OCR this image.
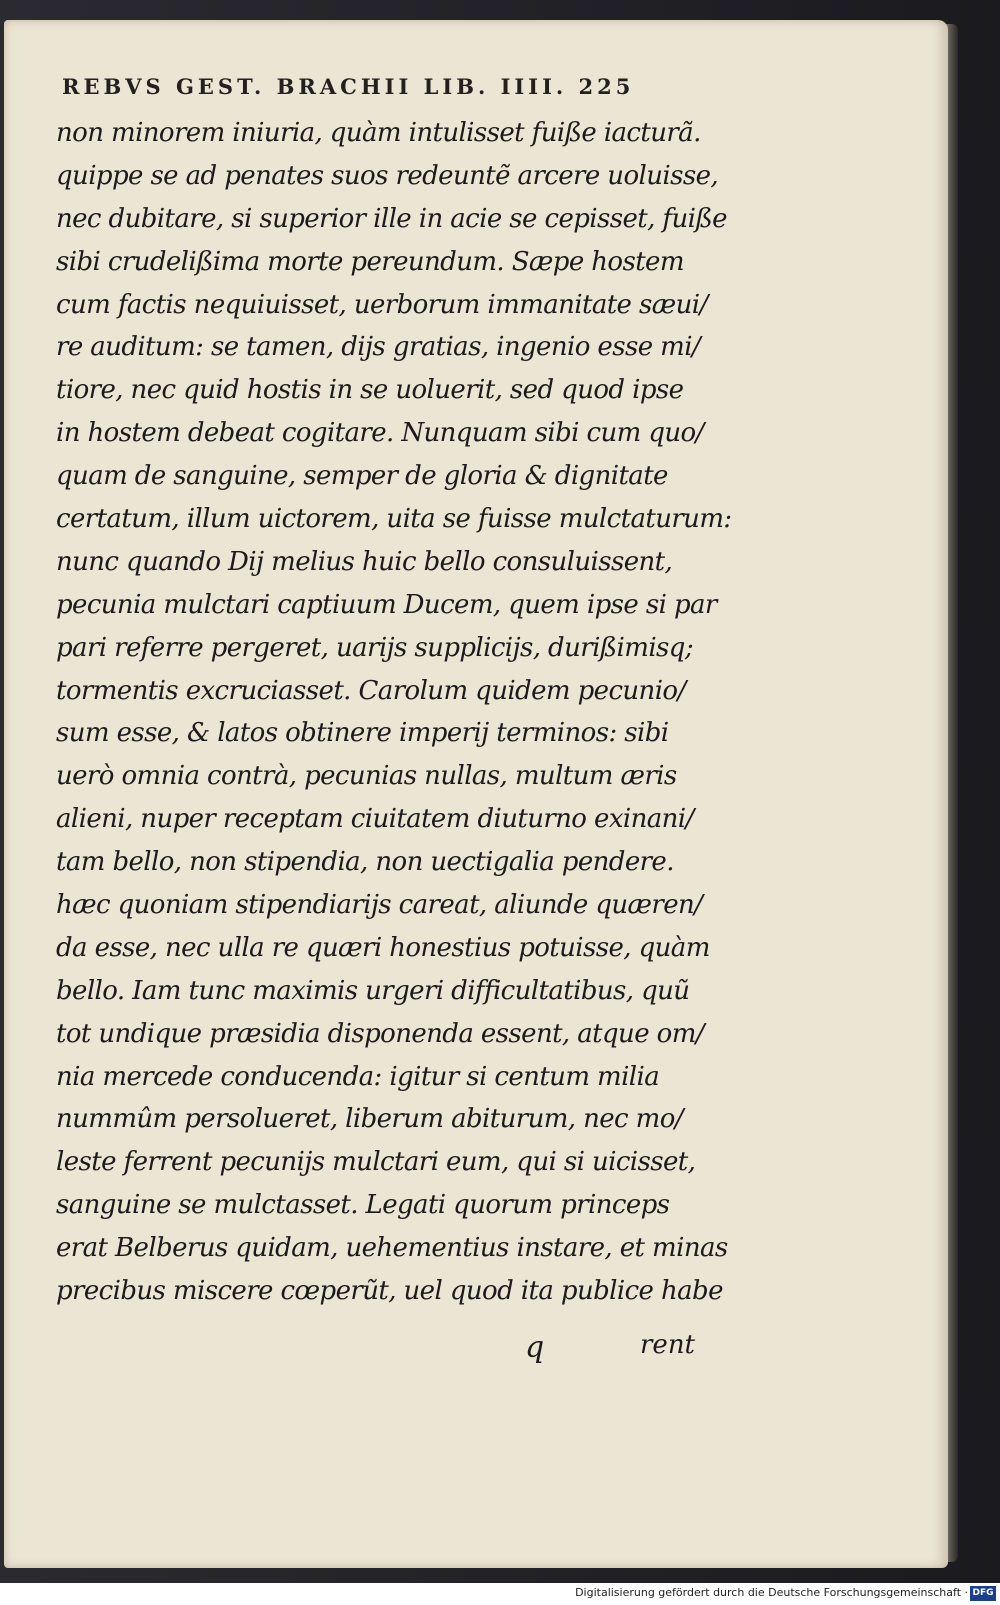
REBVS GEST. BRACHII LIB. IIII. 225
non minorem iniuria, quàm intulisset fuiße iacturã.
quippe se ad penates suos redeuntẽ arcere uoluisse,
nec dubitare, si superior ille in acie se cepisset, fuiße
sibi crudelißima morte pereundum. Sæpe hostem
cum factis nequiuisset, uerborum immanitate sæui/
re auditum: se tamen, dijs gratias, ingenio esse mi/
tiore, nec quid hostis in se uoluerit, sed quod ipse
in hostem debeat cogitare. Nunquam sibi cum quo/
quam de sanguine, semper de gloria & dignitate
certatum, illum uictorem, uita se fuisse mulctaturum:
nunc quando Dij melius huic bello consuluissent,
pecunia mulctari captiuum Ducem, quem ipse si par
pari referre pergeret, uarijs supplicijs, durißimisq;
tormentis excruciasset. Carolum quidem pecunio/
sum esse, & latos obtinere imperij terminos: sibi
uerò omnia contrà, pecunias nullas, multum æris
alieni, nuper receptam ciuitatem diuturno exinani/
tam bello, non stipendia, non uectigalia pendere.
hæc quoniam stipendiarijs careat, aliunde quæren/
da esse, nec ulla re quæri honestius potuisse, quàm
bello. Iam tunc maximis urgeri difficultatibus, quũ
tot undique præsidia disponenda essent, atque om/
nia mercede conducenda: igitur si centum milia
nummûm persolueret, liberum abiturum, nec mo/
leste ferrent pecunijs mulctari eum, qui si uicisset,
sanguine se mulctasset. Legati quorum princeps
erat Belberus quidam, uehementius instare, et minas
precibus miscere cœperũt, uel quod ita publice habe
q	rent
Digitalisierung gefördert durch die Deutsche Forschungsgemeinschaft · DFG
